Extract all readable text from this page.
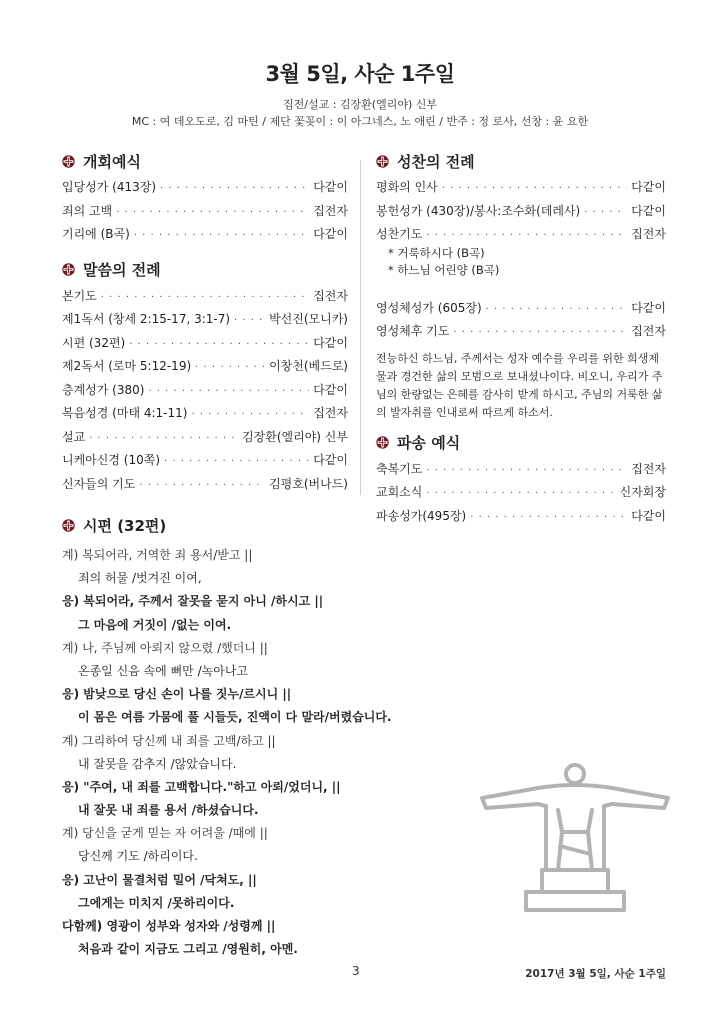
3월 5일, 사순 1주일
집전/설교 : 김장환(엘리야) 신부
MC : 여 데오도로, 김 마틴 / 제단 꽃꽂이 : 이 아그네스, 노 애린 / 반주 : 정 로사, 선창 : 윤 요한
개회예식
입당성가 (413장) · · ·	다같이
죄의 고백 · · ·	집전자
기리에 (B곡) · · ·	다같이
말씀의 전례
본기도 · · ·	집전자
제1독서 (창세 2:15-17, 3:1-7) · · ·	박선진(모니카)
시편 (32편) · · ·	다같이
제2독서 (로마 5:12-19) · · ·	이창천(베드로)
층계성가 (380) · · ·	다같이
복음성경 (마태 4:1-11) · · ·	집전자
설교 · · ·	김장환(엘리야) 신부
니케아신경 (10쪽) · · ·	다같이
신자들의 기도 · · ·	김평호(버나드)
성찬의 전례
평화의 인사 · · ·	다같이
봉헌성가 (430장)/봉사:조수화(데레사) · · ·	다같이
성찬기도 · · ·	집전자
* 거룩하시다 (B곡)
* 하느님 어린양 (B곡)
영성체성가 (605장) · · ·	다같이
영성체후 기도 · · ·	집전자
전능하신 하느님, 주께서는 성자 예수를 우리를 위한 희생제물과 경건한 삶의 모범으로 보내셨나이다. 비오니, 우리가 주님의 한량없는 은혜를 감사히 받게 하시고, 주님의 거룩한 삶의 발자취를 인내로써 따르게 하소서.
파송 예식
축복기도 · · ·	집전자
교회소식 · · ·	신자회장
파송성가(495장) · · ·	다같이
시편 (32편)
계) 복되어라, 거역한 죄 용서/받고 ||
죄의 허물 /벗겨진 이여,
응) 복되어라, 주께서 잘못을 묻지 아니 /하시고 ||
그 마음에 거짓이 /없는 이여.
계) 나, 주님께 아뢰지 않으렸 /했더니 ||
온종일 신음 속에 뼈만 /녹아나고
응) 밤낮으로 당신 손이 나를 짓누/르시니 ||
이 몸은 여름 가뭄에 풀 시들듯, 진액이 다 말라/버렸습니다.
계) 그리하여 당신께 내 죄를 고백/하고 ||
내 잘못을 감추지 /않았습니다.
응) "주여, 내 죄를 고백합니다."하고 아뢰/었더니, ||
내 잘못 내 죄를 용서 /하셨습니다.
계) 당신을 굳게 믿는 자 어려울 /때에 ||
당신께 기도 /하리이다.
응) 고난이 물결처럼 밀어 /닥쳐도, ||
그에게는 미치지 /못하리이다.
다함께) 영광이 성부와 성자와 /성령께 ||
처음과 같이 지금도 그리고 /영원히, 아멘.
3	2017년 3월 5일, 사순 1주일
